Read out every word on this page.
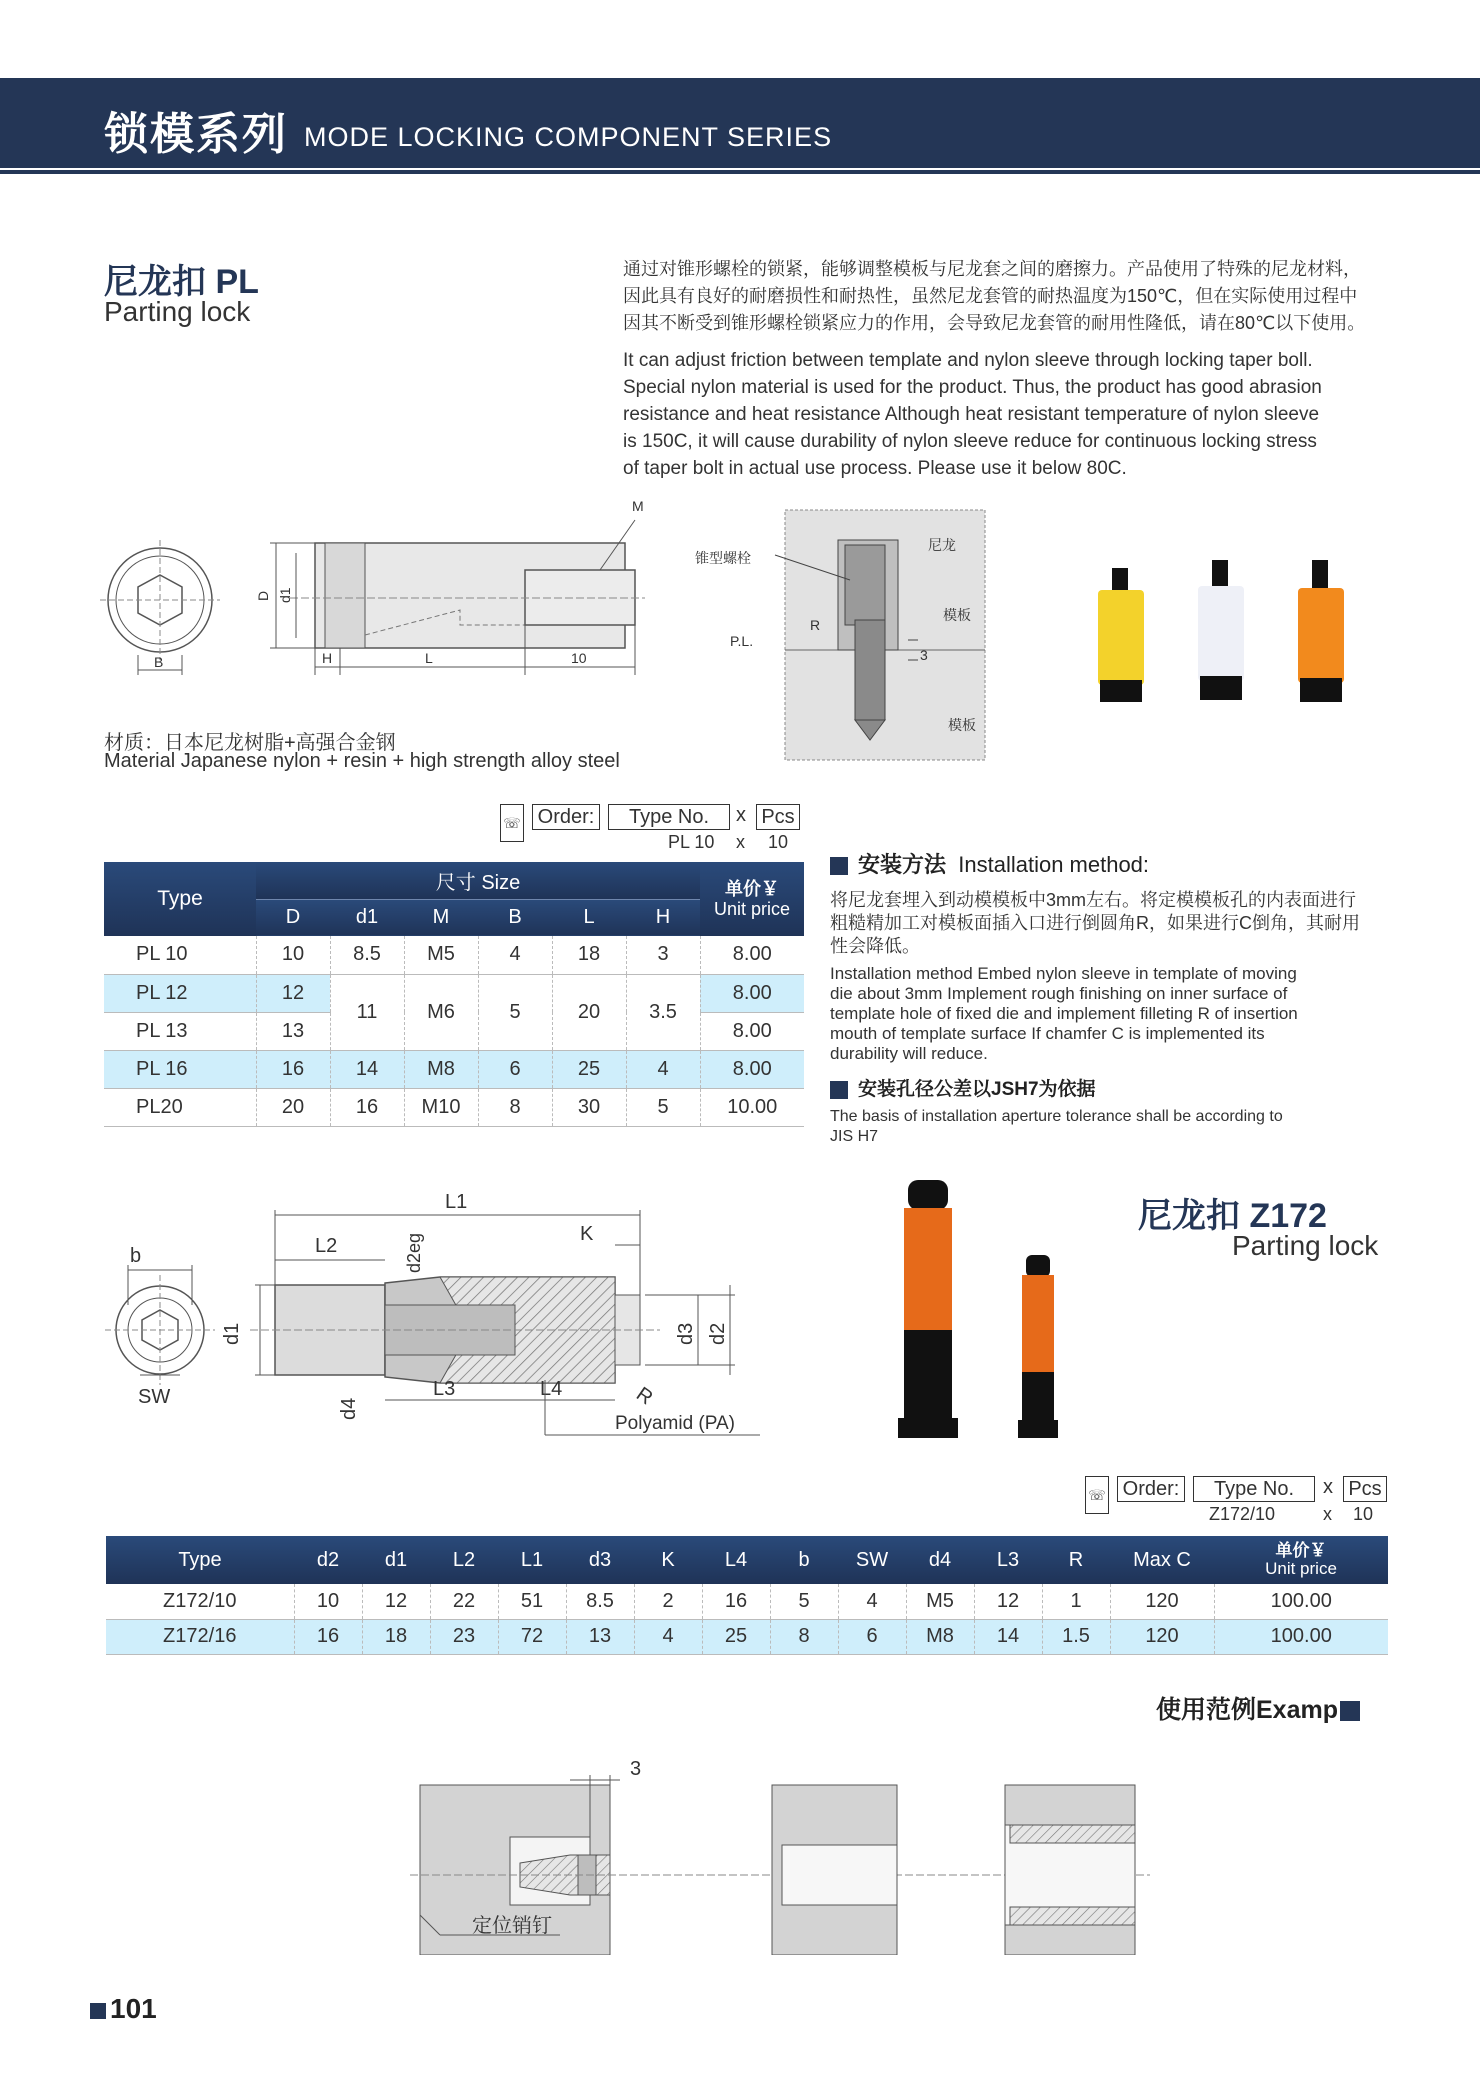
锁模系列 MODE LOCKING COMPONENT SERIES
尼龙扣 PL
Parting lock
通过对锥形螺栓的锁紧，能够调整模板与尼龙套之间的磨擦力。产品使用了特殊的尼龙材料，
因此具有良好的耐磨损性和耐热性，虽然尼龙套管的耐热温度为150℃，但在实际使用过程中
因其不断受到锥形螺栓锁紧应力的作用，会导致尼龙套管的耐用性隆低，请在80℃以下使用。
It can adjust friction between template and nylon sleeve through locking taper boll.
Special nylon material is used for the product. Thus, the product has good abrasion
resistance and heat resistance Although heat resistant temperature of nylon sleeve
is 150C, it will cause durability of nylon sleeve reduce for continuous locking stress
of taper bolt in actual use process. Please use it below 80C.
B
D d1
H	L	10
M
锥型螺栓
尼龙
模板
模板
P.L.
R
3
材质：日本尼龙树脂+高强合金钢
Material Japanese nylon + resin + high strength alloy steel
☏ Order:	Type No.	x Pcs
PL 10 x 10
Type	尺寸 Size						单价￥
Unit price

	D	d1	M	B	L	H	
PL 10	10	8.5	M5	4	18	3	8.00
PL 12	12	11	M6	5	20	3.5	8.00
PL 13	13						8.00
PL 16	16	14	M8	6	25	4	8.00
PL20	20	16	M10	8	30	5	10.00
安装方法 Installation method:
将尼龙套埋入到动模模板中3mm左右。将定模模板孔的内表面进行
粗糙精加工对模板面插入口进行倒圆角R，如果进行C倒角，其耐用
性会降低。
Installation method Embed nylon sleeve in template of moving
die about 3mm Implement rough finishing on inner surface of
template hole of fixed die and implement filleting R of insertion
mouth of template surface If chamfer C is implemented its
durability will reduce.
安装孔径公差以JSH7为依据
The basis of installation aperture tolerance shall be according to
JIS H7
b
SW
L1
L2	d2eg	K
d1	d3 d2
d4
L3	L4	R
Polyamid (PA)
尼龙扣 Z172
Parting lock
☏ Order:	Type No.	x Pcs
Z172/10	x 10
Type	d2	d1	L2	L1	d3	K	L4	b	SW	d4	L3	R	Max C	单价￥
Unit price

Z172/10	10	12	22	51	8.5	2	16	5	4	M5	12	1	120	100.00
Z172/16	16	18	23	72	13	4	25	8	6	M8	14	1.5	120	100.00
使用范例Examp
3
定位销钉
101
